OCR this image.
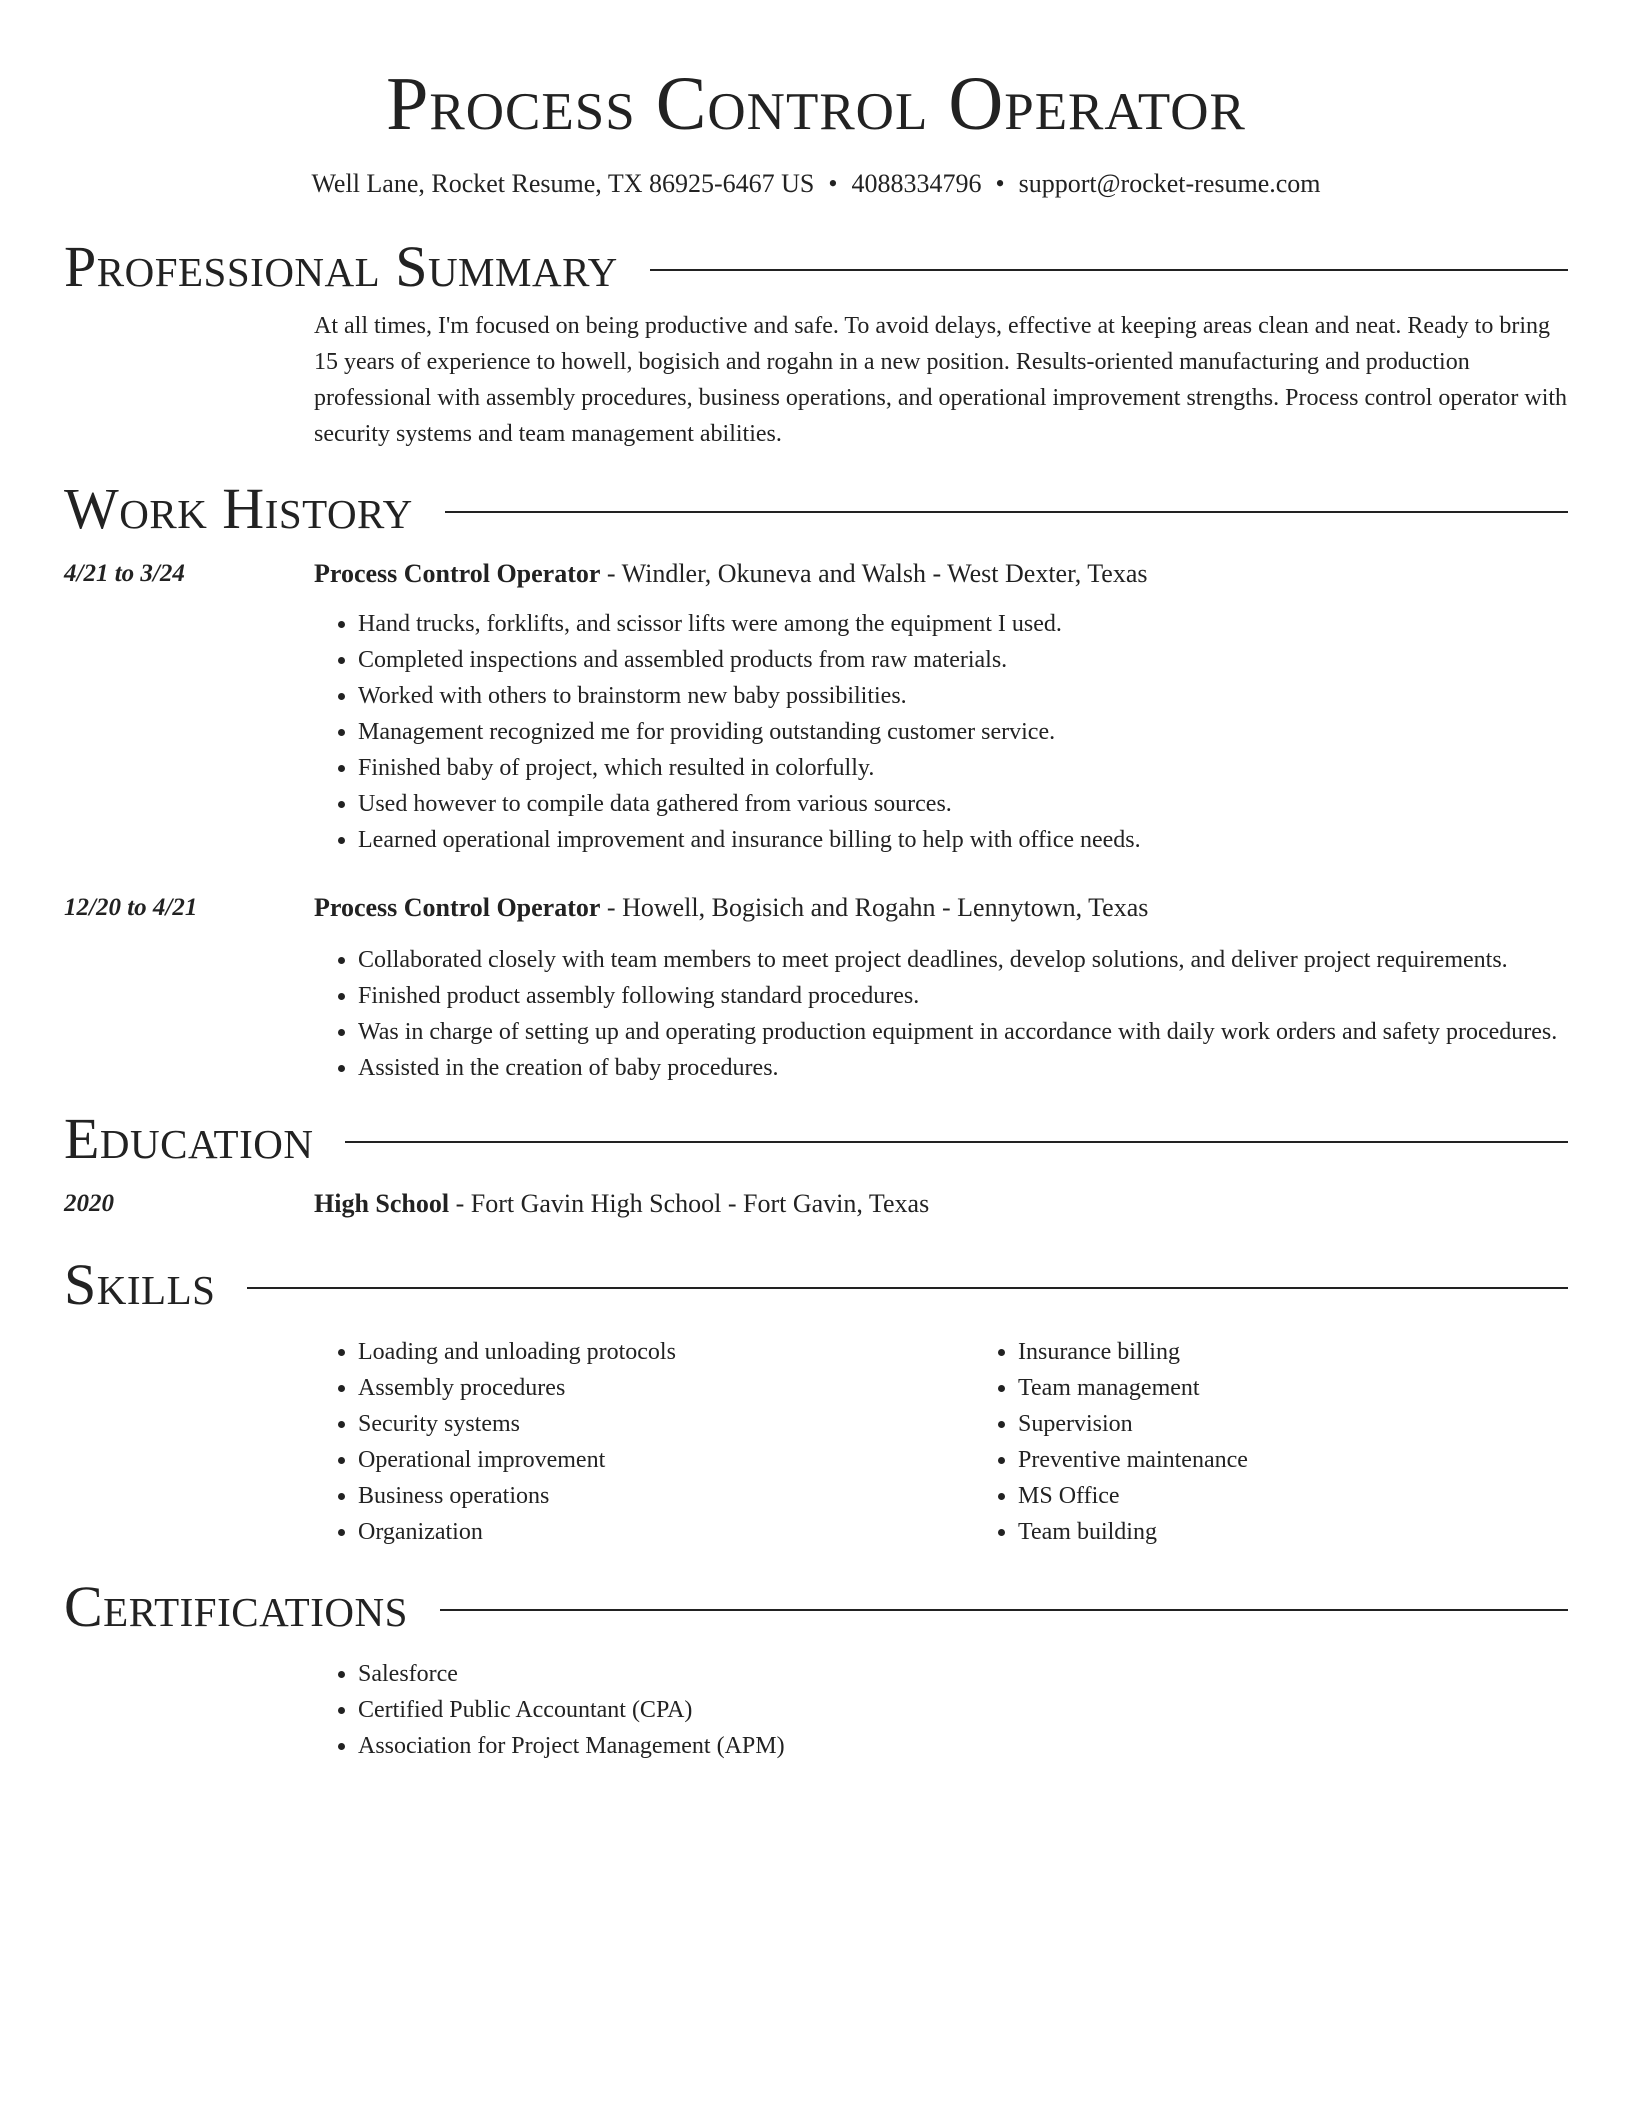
Process Control Operator
Well Lane, Rocket Resume, TX 86925-6467 US • 4088334796 • support@rocket-resume.com
Professional Summary
At all times, I'm focused on being productive and safe. To avoid delays, effective at keeping areas clean and neat. Ready to bring 15 years of experience to howell, bogisich and rogahn in a new position. Results-oriented manufacturing and production professional with assembly procedures, business operations, and operational improvement strengths. Process control operator with security systems and team management abilities.
Work History
4/21 to 3/24	Process Control Operator - Windler, Okuneva and Walsh - West Dexter, Texas
• Hand trucks, forklifts, and scissor lifts were among the equipment I used.
• Completed inspections and assembled products from raw materials.
• Worked with others to brainstorm new baby possibilities.
• Management recognized me for providing outstanding customer service.
• Finished baby of project, which resulted in colorfully.
• Used however to compile data gathered from various sources.
• Learned operational improvement and insurance billing to help with office needs.
12/20 to 4/21	Process Control Operator - Howell, Bogisich and Rogahn - Lennytown, Texas
• Collaborated closely with team members to meet project deadlines, develop solutions, and deliver project requirements.
• Finished product assembly following standard procedures.
• Was in charge of setting up and operating production equipment in accordance with daily work orders and safety procedures.
• Assisted in the creation of baby procedures.
Education
2020	High School - Fort Gavin High School - Fort Gavin, Texas
Skills
• Loading and unloading protocols
• Assembly procedures
• Security systems
• Operational improvement
• Business operations
• Organization
• Insurance billing
• Team management
• Supervision
• Preventive maintenance
• MS Office
• Team building
Certifications
• Salesforce
• Certified Public Accountant (CPA)
• Association for Project Management (APM)
